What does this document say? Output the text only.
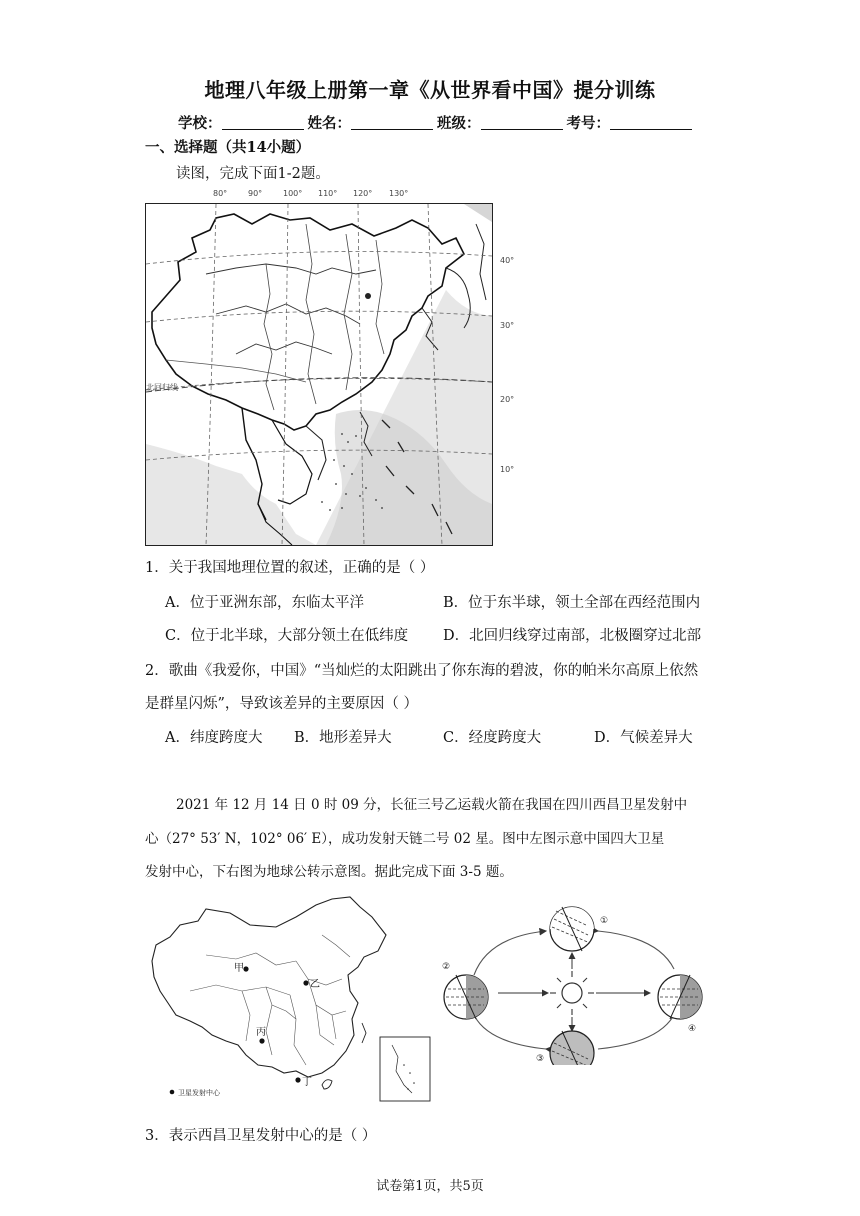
地理八年级上册第一章《从世界看中国》提分训练
学校：	姓名：	班级：	考号：
一、选择题（共14小题）
读图，完成下面1-2题。
80°	90°	100° 110° 120° 130°
北回归线
40°
30°
20°
10°
1．关于我国地理位置的叙述，正确的是（ ）
A．位于亚洲东部，东临太平洋	B．位于东半球，领土全部在西经范围内
C．位于北半球，大部分领土在低纬度 D．北回归线穿过南部，北极圈穿过北部
2．歌曲《我爱你，中国》“当灿烂的太阳跳出了你东海的碧波，你的帕米尔高原上依然
是群星闪烁”，导致该差异的主要原因（ ）
A．纬度跨度大 B．地形差异大	C．经度跨度大	D．气候差异大
2021 年 12 月 14 日 0 时 09 分，长征三号乙运载火箭在我国在四川西昌卫星发射中
心（27° 53′ N，102° 06′ E），成功发射天链二号 02 星。图中左图示意中国四大卫星
发射中心，下右图为地球公转示意图。据此完成下面 3-5 题。
甲
乙
丙
丁
卫星发射中心
①
②
③
④
3．表示西昌卫星发射中心的是（ ）
试卷第1页，共5页
